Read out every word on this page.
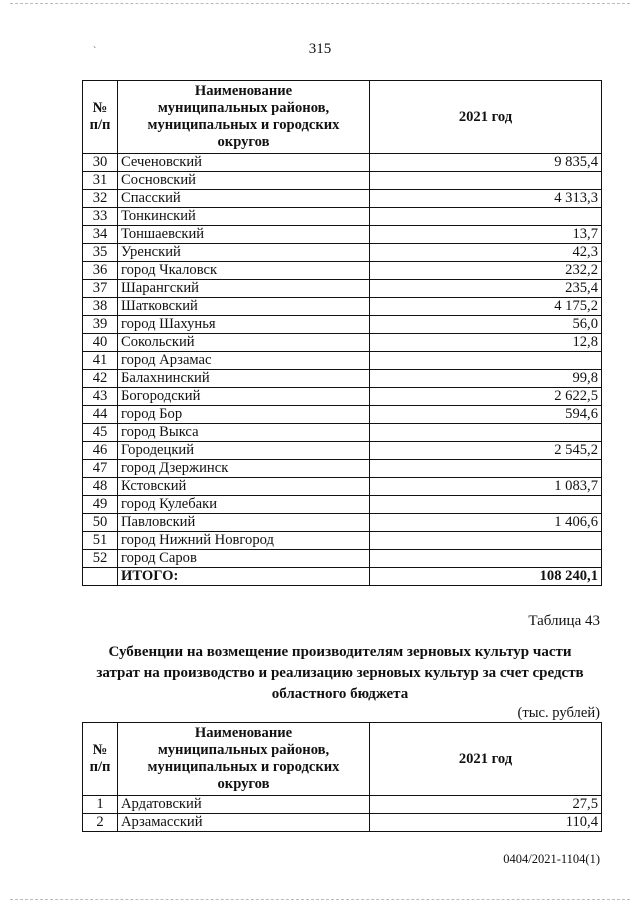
315
`
№ п/п	Наименование муниципальных районов, муниципальных и городских округов	2021 год
30	Сеченовский	9 835,4
31	Сосновский	
32	Спасский	4 313,3
33	Тонкинский	
34	Тоншаевский	13,7
35	Уренский	42,3
36	город Чкаловск	232,2
37	Шарангский	235,4
38	Шатковский	4 175,2
39	город Шахунья	56,0
40	Сокольский	12,8
41	город Арзамас	
42	Балахнинский	99,8
43	Богородский	2 622,5
44	город Бор	594,6
45	город Выкса	
46	Городецкий	2 545,2
47	город Дзержинск	
48	Кстовский	1 083,7
49	город Кулебаки	
50	Павловский	1 406,6
51	город Нижний Новгород	
52	город Саров	
	ИТОГО:	108 240,1
Таблица 43
Субвенции на возмещение производителям зерновых культур части затрат на производство и реализацию зерновых культур за счет средств областного бюджета
(тыс. рублей)
№ п/п	Наименование муниципальных районов, муниципальных и городских округов	2021 год
1	Ардатовский	27,5
2	Арзамасский	110,4
0404/2021-1104(1)
